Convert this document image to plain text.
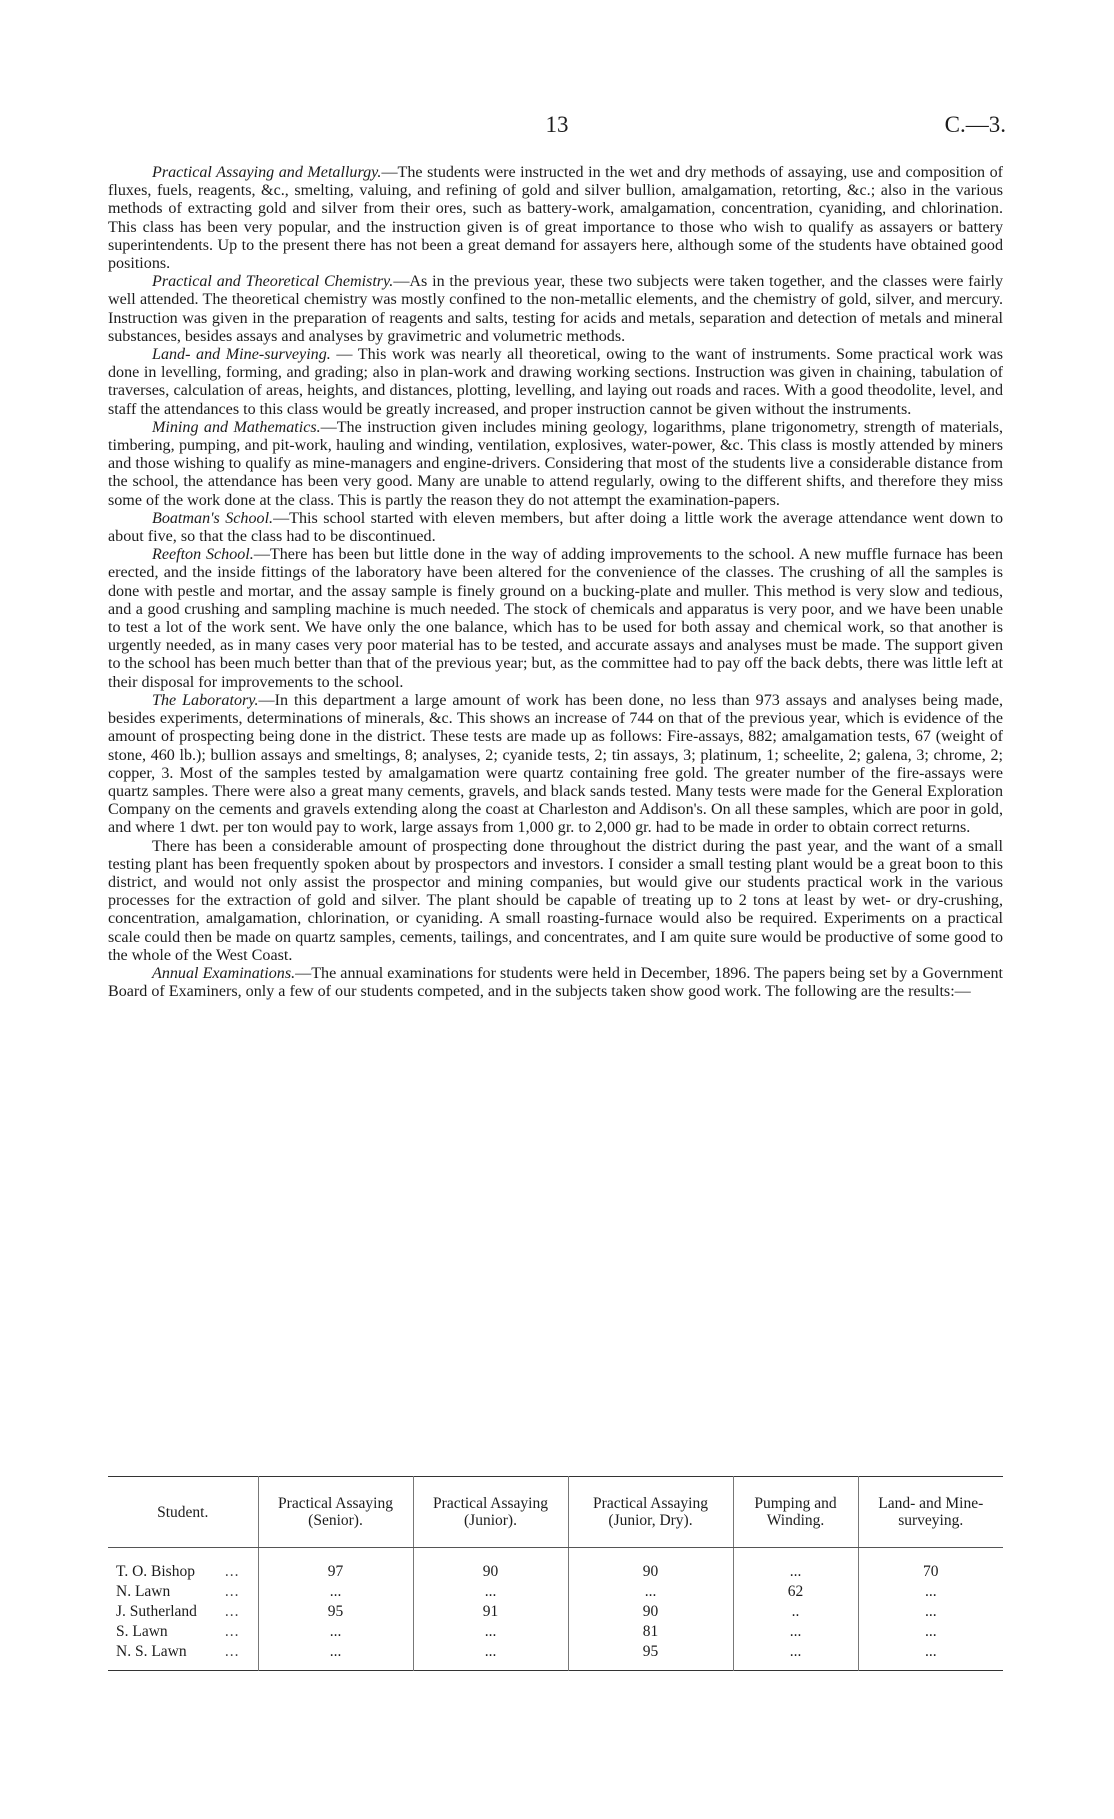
13	C.—3.

Practical Assaying and Metallurgy.—The students were instructed in the wet and dry methods of assaying, use and composition of fluxes, fuels, reagents, &c., smelting, valuing, and refining of gold and silver bullion, amalgamation, retorting, &c.; also in the various methods of extracting gold and silver from their ores, such as battery-work, amalgamation, concentration, cyaniding, and chlorination. This class has been very popular, and the instruction given is of great importance to those who wish to qualify as assayers or battery superintendents. Up to the present there has not been a great demand for assayers here, although some of the students have obtained good positions.

Practical and Theoretical Chemistry.—As in the previous year, these two subjects were taken together, and the classes were fairly well attended. The theoretical chemistry was mostly confined to the non-metallic elements, and the chemistry of gold, silver, and mercury. Instruction was given in the preparation of reagents and salts, testing for acids and metals, separation and detection of metals and mineral substances, besides assays and analyses by gravimetric and volumetric methods.

Land- and Mine-surveying. — This work was nearly all theoretical, owing to the want of instruments. Some practical work was done in levelling, forming, and grading; also in plan-work and drawing working sections. Instruction was given in chaining, tabulation of traverses, calculation of areas, heights, and distances, plotting, levelling, and laying out roads and races. With a good theodolite, level, and staff the attendances to this class would be greatly increased, and proper instruction cannot be given without the instruments.

Mining and Mathematics.—The instruction given includes mining geology, logarithms, plane trigonometry, strength of materials, timbering, pumping, and pit-work, hauling and winding, ventilation, explosives, water-power, &c. This class is mostly attended by miners and those wishing to qualify as mine-managers and engine-drivers. Considering that most of the students live a considerable distance from the school, the attendance has been very good. Many are unable to attend regularly, owing to the different shifts, and therefore they miss some of the work done at the class. This is partly the reason they do not attempt the examination-papers.

Boatman's School.—This school started with eleven members, but after doing a little work the average attendance went down to about five, so that the class had to be discontinued.

Reefton School.—There has been but little done in the way of adding improvements to the school. A new muffle furnace has been erected, and the inside fittings of the laboratory have been altered for the convenience of the classes. The crushing of all the samples is done with pestle and mortar, and the assay sample is finely ground on a bucking-plate and muller. This method is very slow and tedious, and a good crushing and sampling machine is much needed. The stock of chemicals and apparatus is very poor, and we have been unable to test a lot of the work sent. We have only the one balance, which has to be used for both assay and chemical work, so that another is urgently needed, as in many cases very poor material has to be tested, and accurate assays and analyses must be made. The support given to the school has been much better than that of the previous year; but, as the committee had to pay off the back debts, there was little left at their disposal for improvements to the school.

The Laboratory.—In this department a large amount of work has been done, no less than 973 assays and analyses being made, besides experiments, determinations of minerals, &c. This shows an increase of 744 on that of the previous year, which is evidence of the amount of prospecting being done in the district. These tests are made up as follows: Fire-assays, 882; amalgamation tests, 67 (weight of stone, 460 lb.); bullion assays and smeltings, 8; analyses, 2; cyanide tests, 2; tin assays, 3; platinum, 1; scheelite, 2; galena, 3; chrome, 2; copper, 3. Most of the samples tested by amalgamation were quartz containing free gold. The greater number of the fire-assays were quartz samples. There were also a great many cements, gravels, and black sands tested. Many tests were made for the General Exploration Company on the cements and gravels extending along the coast at Charleston and Addison's. On all these samples, which are poor in gold, and where 1 dwt. per ton would pay to work, large assays from 1,000 gr. to 2,000 gr. had to be made in order to obtain correct returns.

There has been a considerable amount of prospecting done throughout the district during the past year, and the want of a small testing plant has been frequently spoken about by prospectors and investors. I consider a small testing plant would be a great boon to this district, and would not only assist the prospector and mining companies, but would give our students practical work in the various processes for the extraction of gold and silver. The plant should be capable of treating up to 2 tons at least by wet- or dry-crushing, concentration, amalgamation, chlorination, or cyaniding. A small roasting-furnace would also be required. Experiments on a practical scale could then be made on quartz samples, cements, tailings, and concentrates, and I am quite sure would be productive of some good to the whole of the West Coast.

Annual Examinations.—The annual examinations for students were held in December, 1896. The papers being set by a Government Board of Examiners, only a few of our students competed, and in the subjects taken show good work. The following are the results:—

Student.	Practical Assaying (Senior).	Practical Assaying (Junior).	Practical Assaying (Junior, Dry).	Pumping and Winding.	Land- and Mine-surveying.
T. O. Bishop ...	97	90	90	...	70
N. Lawn ...	...	...	...	62	...
J. Sutherland ...	95	91	90	..	...
S. Lawn ...	...	...	81	...	...
N. S. Lawn ...	...	...	95	...	...
